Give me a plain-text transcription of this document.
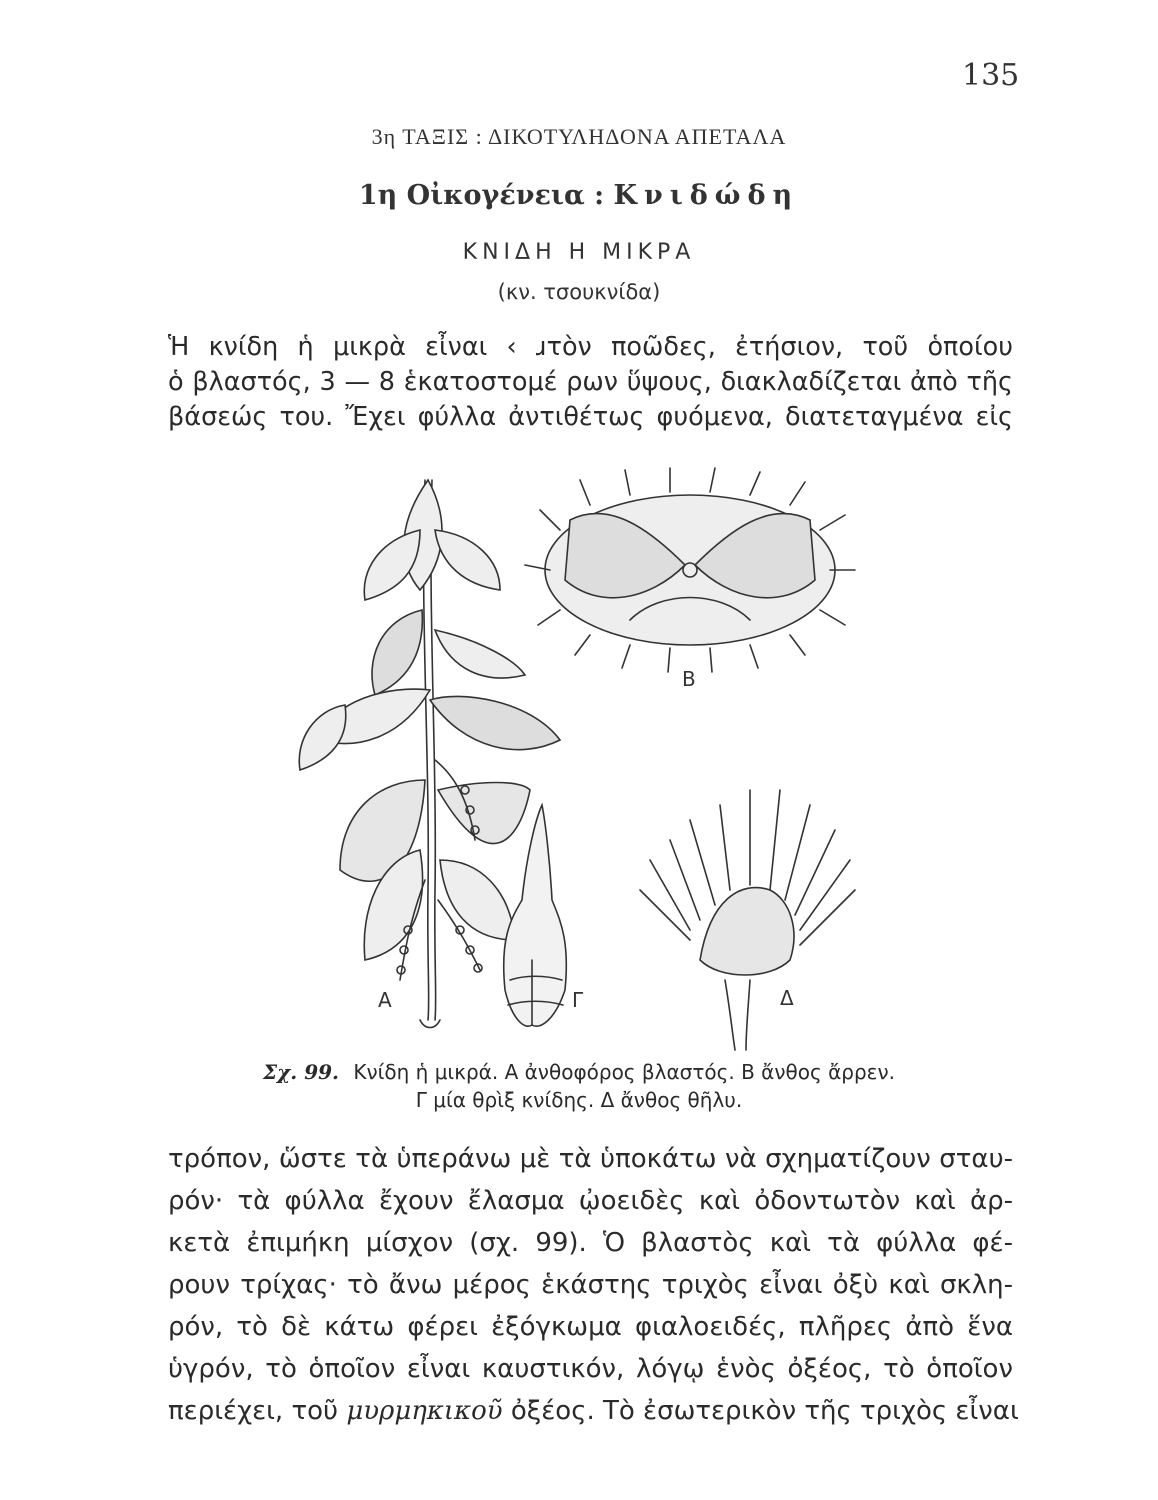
135
3η ΤΑΞΙΣ : ΔΙΚΟΤΥΛΗΔΟΝΑ ΑΠΕΤΑΛΑ
1η Οἰκογένεια : Κνιδώδη
ΚΝΙΔΗ Η ΜΙΚΡΑ
(κν. τσουκνίδα)
Ἡ κνίδη ἡ μικρὰ εἶναι ‹ ɹτὸν ποῶδες, ἐτήσιον, τοῦ ὁποίου
ὁ βλαστός, 3 — 8 ἑκατοστομέ ρων ὕψους, διακλαδίζεται ἀπὸ τῆς
βάσεώς του. Ἔχει φύλλα ἀντιθέτως φυόμενα, διατεταγμένα εἰς
Α
Β
Γ	Δ
Σχ. 99. Κνίδη ἡ μικρά. Α ἀνθοφόρος βλαστός. Β ἄνθος ἄρρεν.
Γ μία θρὶξ κνίδης. Δ ἄνθος θῆλυ.
τρόπον, ὥστε τὰ ὑπεράνω μὲ τὰ ὑποκάτω νὰ σχηματίζουν σταυ-
ρόν· τὰ φύλλα ἔχουν ἔλασμα ᾠοειδὲς καὶ ὀδοντωτὸν καὶ ἀρ-
κετὰ ἐπιμήκη μίσχον (σχ. 99). Ὁ βλαστὸς καὶ τὰ φύλλα φέ-
ρουν τρίχας· τὸ ἄνω μέρος ἑκάστης τριχὸς εἶναι ὀξὺ καὶ σκλη-
ρόν, τὸ δὲ κάτω φέρει ἐξόγκωμα φιαλοειδές, πλῆρες ἀπὸ ἕνα
ὑγρόν, τὸ ὁποῖον εἶναι καυστικόν, λόγῳ ἑνὸς ὀξέος, τὸ ὁποῖον
περιέχει, τοῦ μυρμηκικοῦ ὀξέος. Τὸ ἐσωτερικὸν τῆς τριχὸς εἶναι
